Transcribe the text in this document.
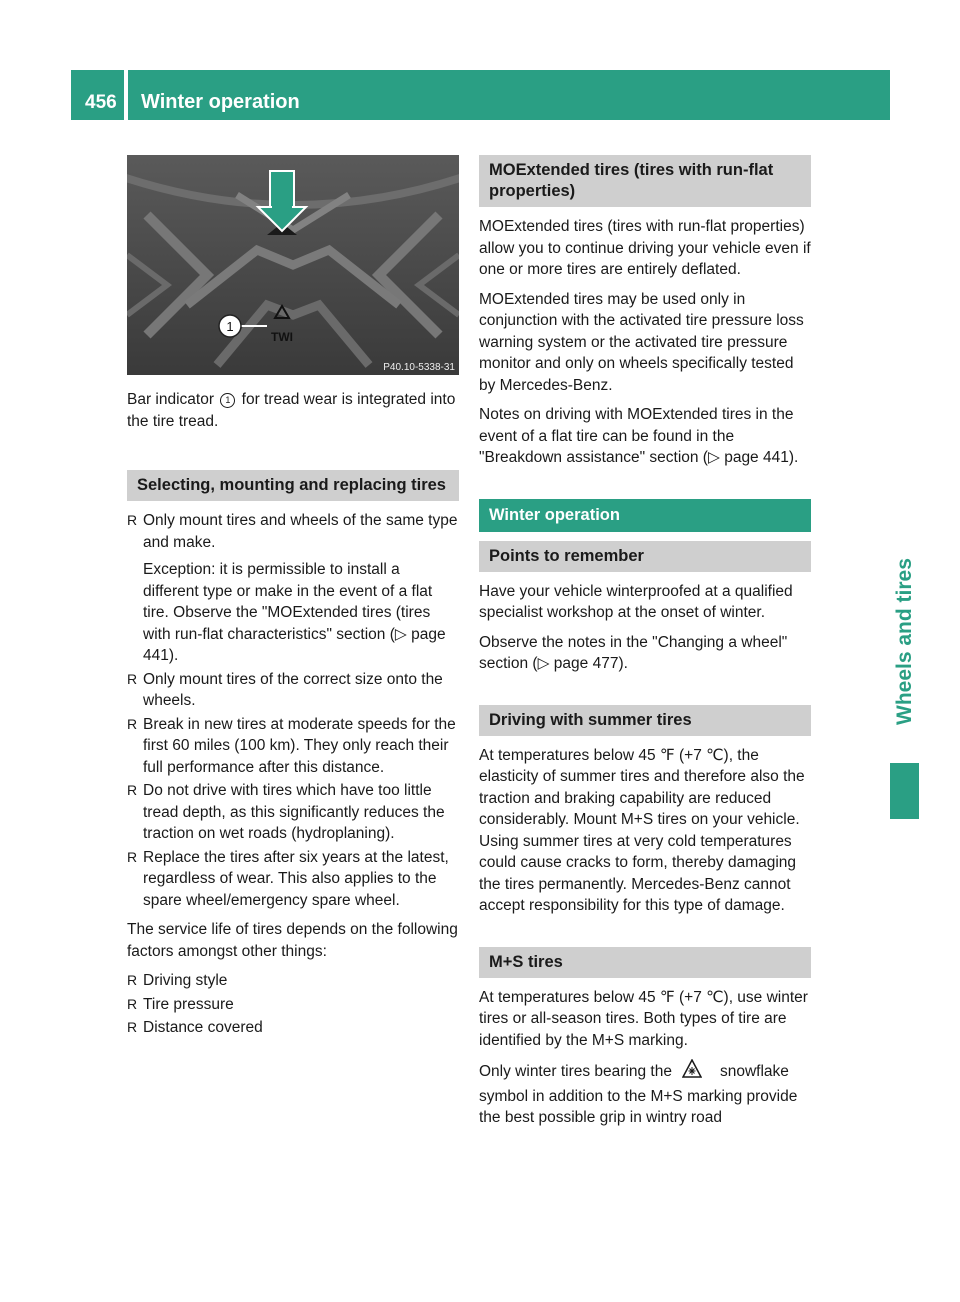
456	Winter operation
Wheels and tires
1
TWI
P40.10-5338-31

Bar indicator 1 for tread wear is integrated into the tire tread.

Selecting, mounting and replacing tires
R Only mount tires and wheels of the same type and make.
Exception: it is permissible to install a different type or make in the event of a flat tire. Observe the "MOExtended tires (tires with run-flat characteristics" section (▷ page 441).
R Only mount tires of the correct size onto the wheels.
R Break in new tires at moderate speeds for the first 60 miles (100 km). They only reach their full performance after this distance.
R Do not drive with tires which have too little tread depth, as this significantly reduces the traction on wet roads (hydroplaning).
R Replace the tires after six years at the latest, regardless of wear. This also applies to the spare wheel/emergency spare wheel.

The service life of tires depends on the following factors amongst other things:

R Driving style
R Tire pressure
R Distance covered
MOExtended tires (tires with run-flat properties)

MOExtended tires (tires with run-flat properties) allow you to continue driving your vehicle even if one or more tires are entirely deflated.

MOExtended tires may be used only in conjunction with the activated tire pressure loss warning system or the activated tire pressure monitor and only on wheels specifically tested by Mercedes-Benz.

Notes on driving with MOExtended tires in the event of a flat tire can be found in the "Breakdown assistance" section (▷ page 441).

Winter operation
Points to remember

Have your vehicle winterproofed at a qualified specialist workshop at the onset of winter.

Observe the notes in the "Changing a wheel" section (▷ page 477).

Driving with summer tires

At temperatures below 45 ℉ (+7 ℃), the elasticity of summer tires and therefore also the traction and braking capability are reduced considerably. Mount M+S tires on your vehicle. Using summer tires at very cold temperatures could cause cracks to form, thereby damaging the tires permanently. Mercedes-Benz cannot accept responsibility for this type of damage.

M+S tires

At temperatures below 45 ℉ (+7 ℃), use winter tires or all-season tires. Both types of tire are identified by the M+S marking.

Only winter tires bearing the	snowflake symbol in addition to the M+S marking provide the best possible grip in wintry road
